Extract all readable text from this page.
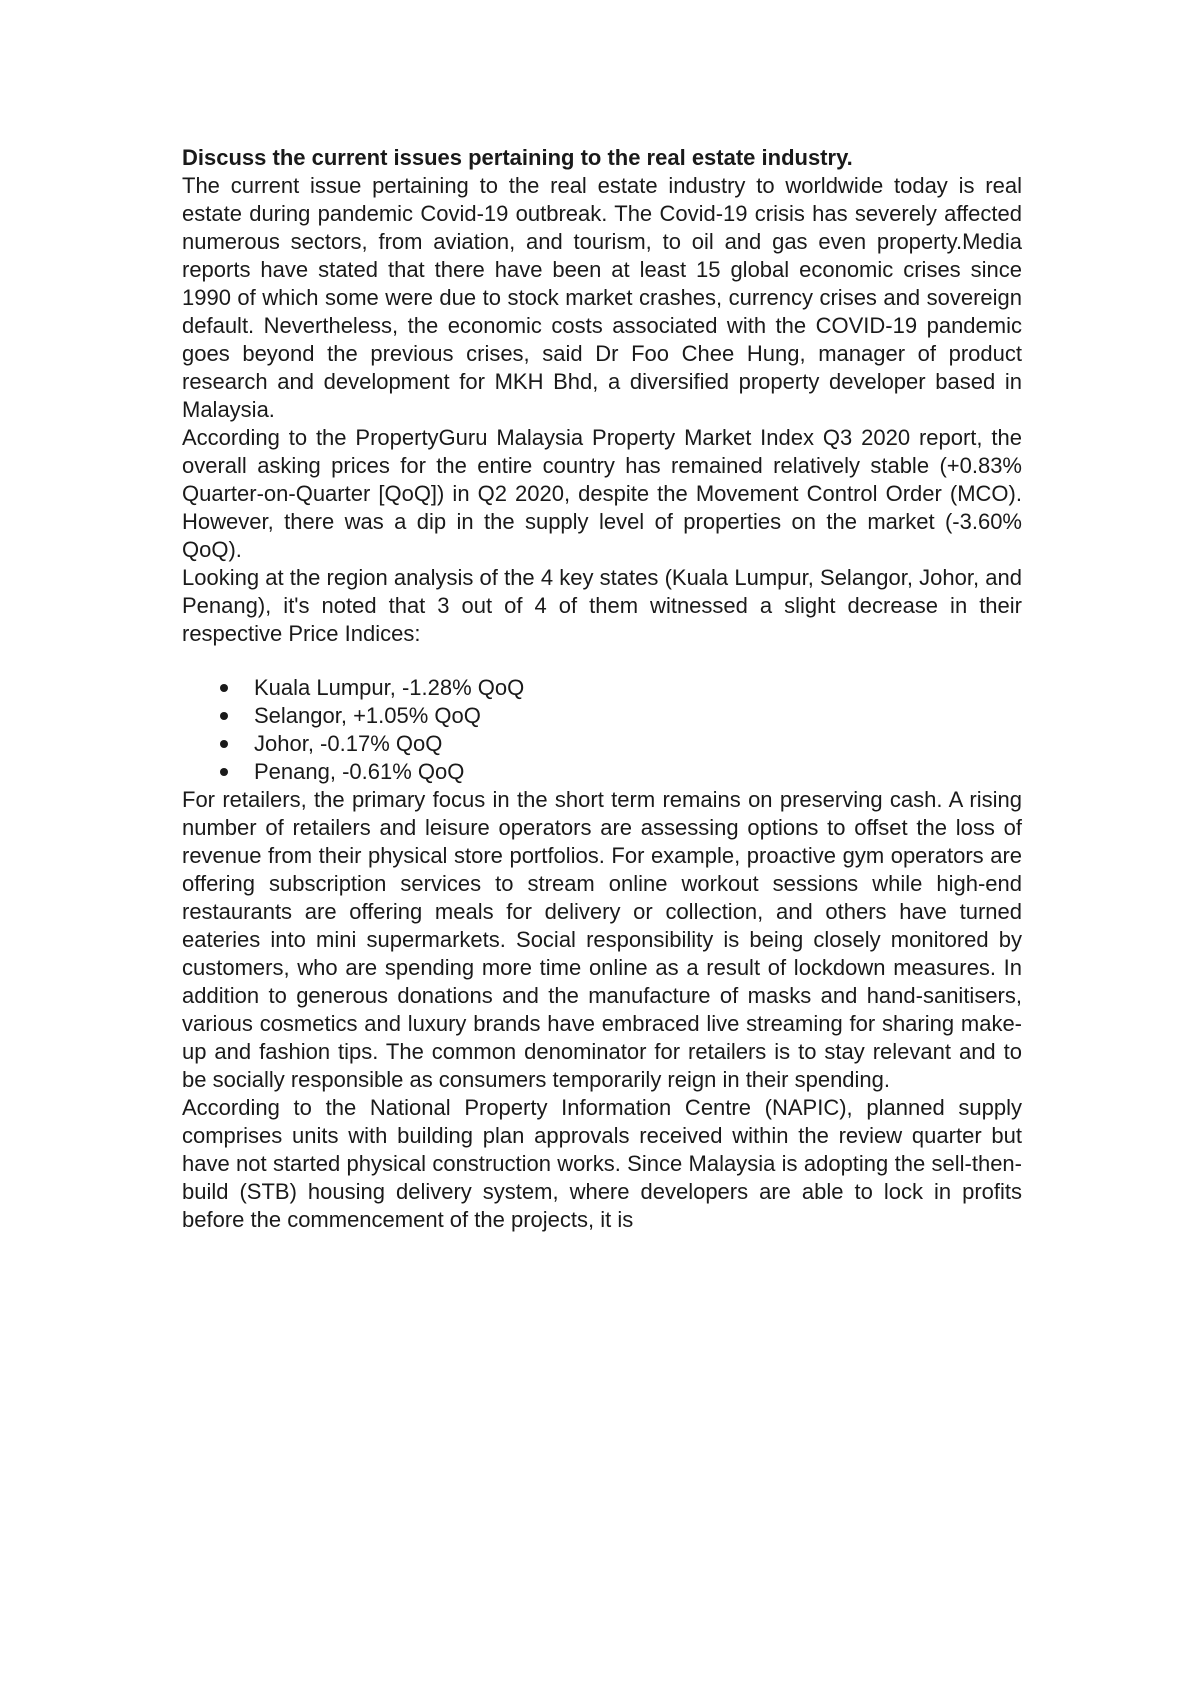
Discuss the current issues pertaining to the real estate industry.

The current issue pertaining to the real estate industry to worldwide today is real estate during pandemic Covid-19 outbreak. The Covid-19 crisis has severely affected numerous sectors, from aviation, and tourism, to oil and gas even property.Media reports have stated that there have been at least 15 global economic crises since 1990 of which some were due to stock market crashes, currency crises and sovereign default. Nevertheless, the economic costs associated with the COVID-19 pandemic goes beyond the previous crises, said Dr Foo Chee Hung, manager of product research and development for MKH Bhd, a diversified property developer based in Malaysia.

According to the PropertyGuru Malaysia Property Market Index Q3 2020 report, the overall asking prices for the entire country has remained relatively stable (+0.83% Quarter-on-Quarter [QoQ]) in Q2 2020, despite the Movement Control Order (MCO). However, there was a dip in the supply level of properties on the market (-3.60% QoQ).

Looking at the region analysis of the 4 key states (Kuala Lumpur, Selangor, Johor, and Penang), it's noted that 3 out of 4 of them witnessed a slight decrease in their respective Price Indices:

Kuala Lumpur, -1.28% QoQ
Selangor, +1.05% QoQ
Johor, -0.17% QoQ
Penang, -0.61% QoQ

For retailers, the primary focus in the short term remains on preserving cash. A rising number of retailers and leisure operators are assessing options to offset the loss of revenue from their physical store portfolios. For example, proactive gym operators are offering subscription services to stream online workout sessions while high-end restaurants are offering meals for delivery or collection, and others have turned eateries into mini supermarkets. Social responsibility is being closely monitored by customers, who are spending more time online as a result of lockdown measures. In addition to generous donations and the manufacture of masks and hand-sanitisers, various cosmetics and luxury brands have embraced live streaming for sharing make-up and fashion tips. The common denominator for retailers is to stay relevant and to be socially responsible as consumers temporarily reign in their spending.

According to the National Property Information Centre (NAPIC), planned supply comprises units with building plan approvals received within the review quarter but have not started physical construction works. Since Malaysia is adopting the sell-then-build (STB) housing delivery system, where developers are able to lock in profits before the commencement of the projects, it is
